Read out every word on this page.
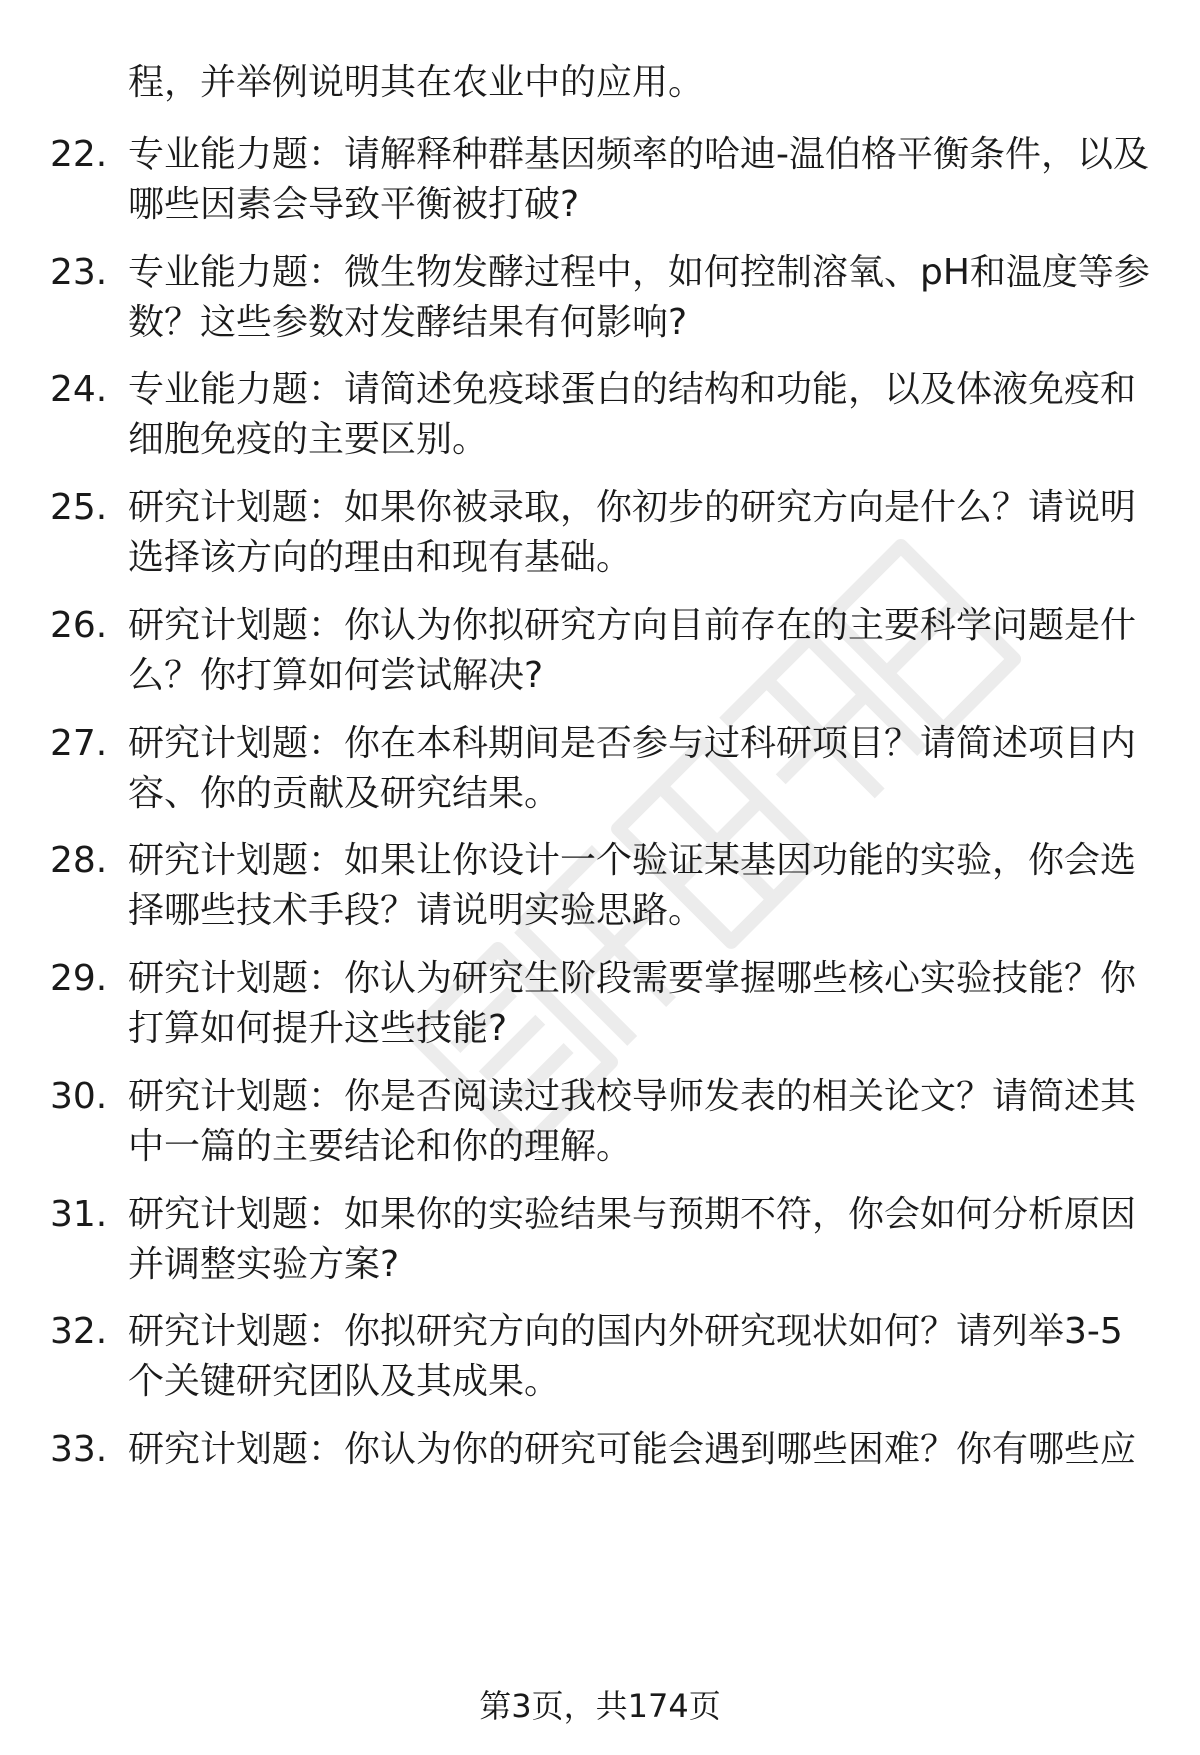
程，并举例说明其在农业中的应用。
22. 专业能力题：请解释种群基因频率的哈迪-温伯格平衡条件，以及
哪些因素会导致平衡被打破?
23. 专业能力题：微生物发酵过程中，如何控制溶氧、pH和温度等参
数？这些参数对发酵结果有何影响?
24. 专业能力题：请简述免疫球蛋白的结构和功能，以及体液免疫和
细胞免疫的主要区别。
25. 研究计划题：如果你被录取，你初步的研究方向是什么？请说明
选择该方向的理由和现有基础。
26. 研究计划题：你认为你拟研究方向目前存在的主要科学问题是什
么？你打算如何尝试解决?
27. 研究计划题：你在本科期间是否参与过科研项目？请简述项目内
容、你的贡献及研究结果。
28. 研究计划题：如果让你设计一个验证某基因功能的实验，你会选
择哪些技术手段？请说明实验思路。
29. 研究计划题：你认为研究生阶段需要掌握哪些核心实验技能？你
打算如何提升这些技能?
30. 研究计划题：你是否阅读过我校导师发表的相关论文？请简述其
中一篇的主要结论和你的理解。
31. 研究计划题：如果你的实验结果与预期不符，你会如何分析原因
并调整实验方案?
32. 研究计划题：你拟研究方向的国内外研究现状如何？请列举3-5
个关键研究团队及其成果。
33. 研究计划题：你认为你的研究可能会遇到哪些困难？你有哪些应
第3页，共174页
